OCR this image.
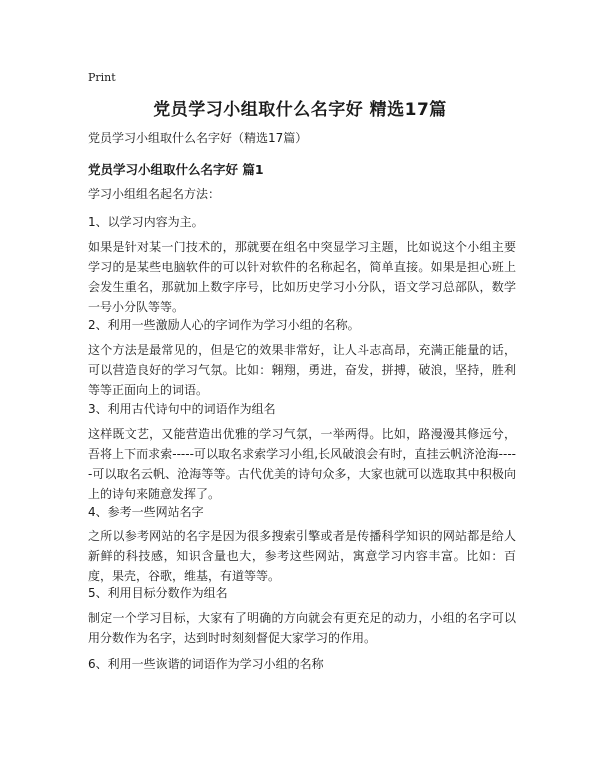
Print
党员学习小组取什么名字好 精选17篇
党员学习小组取什么名字好（精选17篇）
党员学习小组取什么名字好 篇1
学习小组组名起名方法：
1、以学习内容为主。
如果是针对某一门技术的，那就要在组名中突显学习主题，比如说这个小组主要学习的是某些电脑软件的可以针对软件的名称起名，简单直接。如果是担心班上会发生重名，那就加上数字序号，比如历史学习小分队，语文学习总部队，数学一号小分队等等。
2、利用一些激励人心的字词作为学习小组的名称。
这个方法是最常见的，但是它的效果非常好，让人斗志高昂，充满正能量的话，可以营造良好的学习气氛。比如：翱翔，勇进，奋发，拼搏，破浪，坚持，胜利等等正面向上的词语。
3、利用古代诗句中的词语作为组名
这样既文艺，又能营造出优雅的学习气氛，一举两得。比如，路漫漫其修远兮，吾将上下而求索-----可以取名求索学习小组,长风破浪会有时，直挂云帆济沧海-----可以取名云帆、沧海等等。古代优美的诗句众多，大家也就可以选取其中积极向上的诗句来随意发挥了。
4、参考一些网站名字
之所以参考网站的名字是因为很多搜索引擎或者是传播科学知识的网站都是给人新鲜的科技感，知识含量也大，参考这些网站，寓意学习内容丰富。比如：百度，果壳，谷歌，维基，有道等等。
5、利用目标分数作为组名
制定一个学习目标，大家有了明确的方向就会有更充足的动力，小组的名字可以用分数作为名字，达到时时刻刻督促大家学习的作用。
6、利用一些诙谐的词语作为学习小组的名称
